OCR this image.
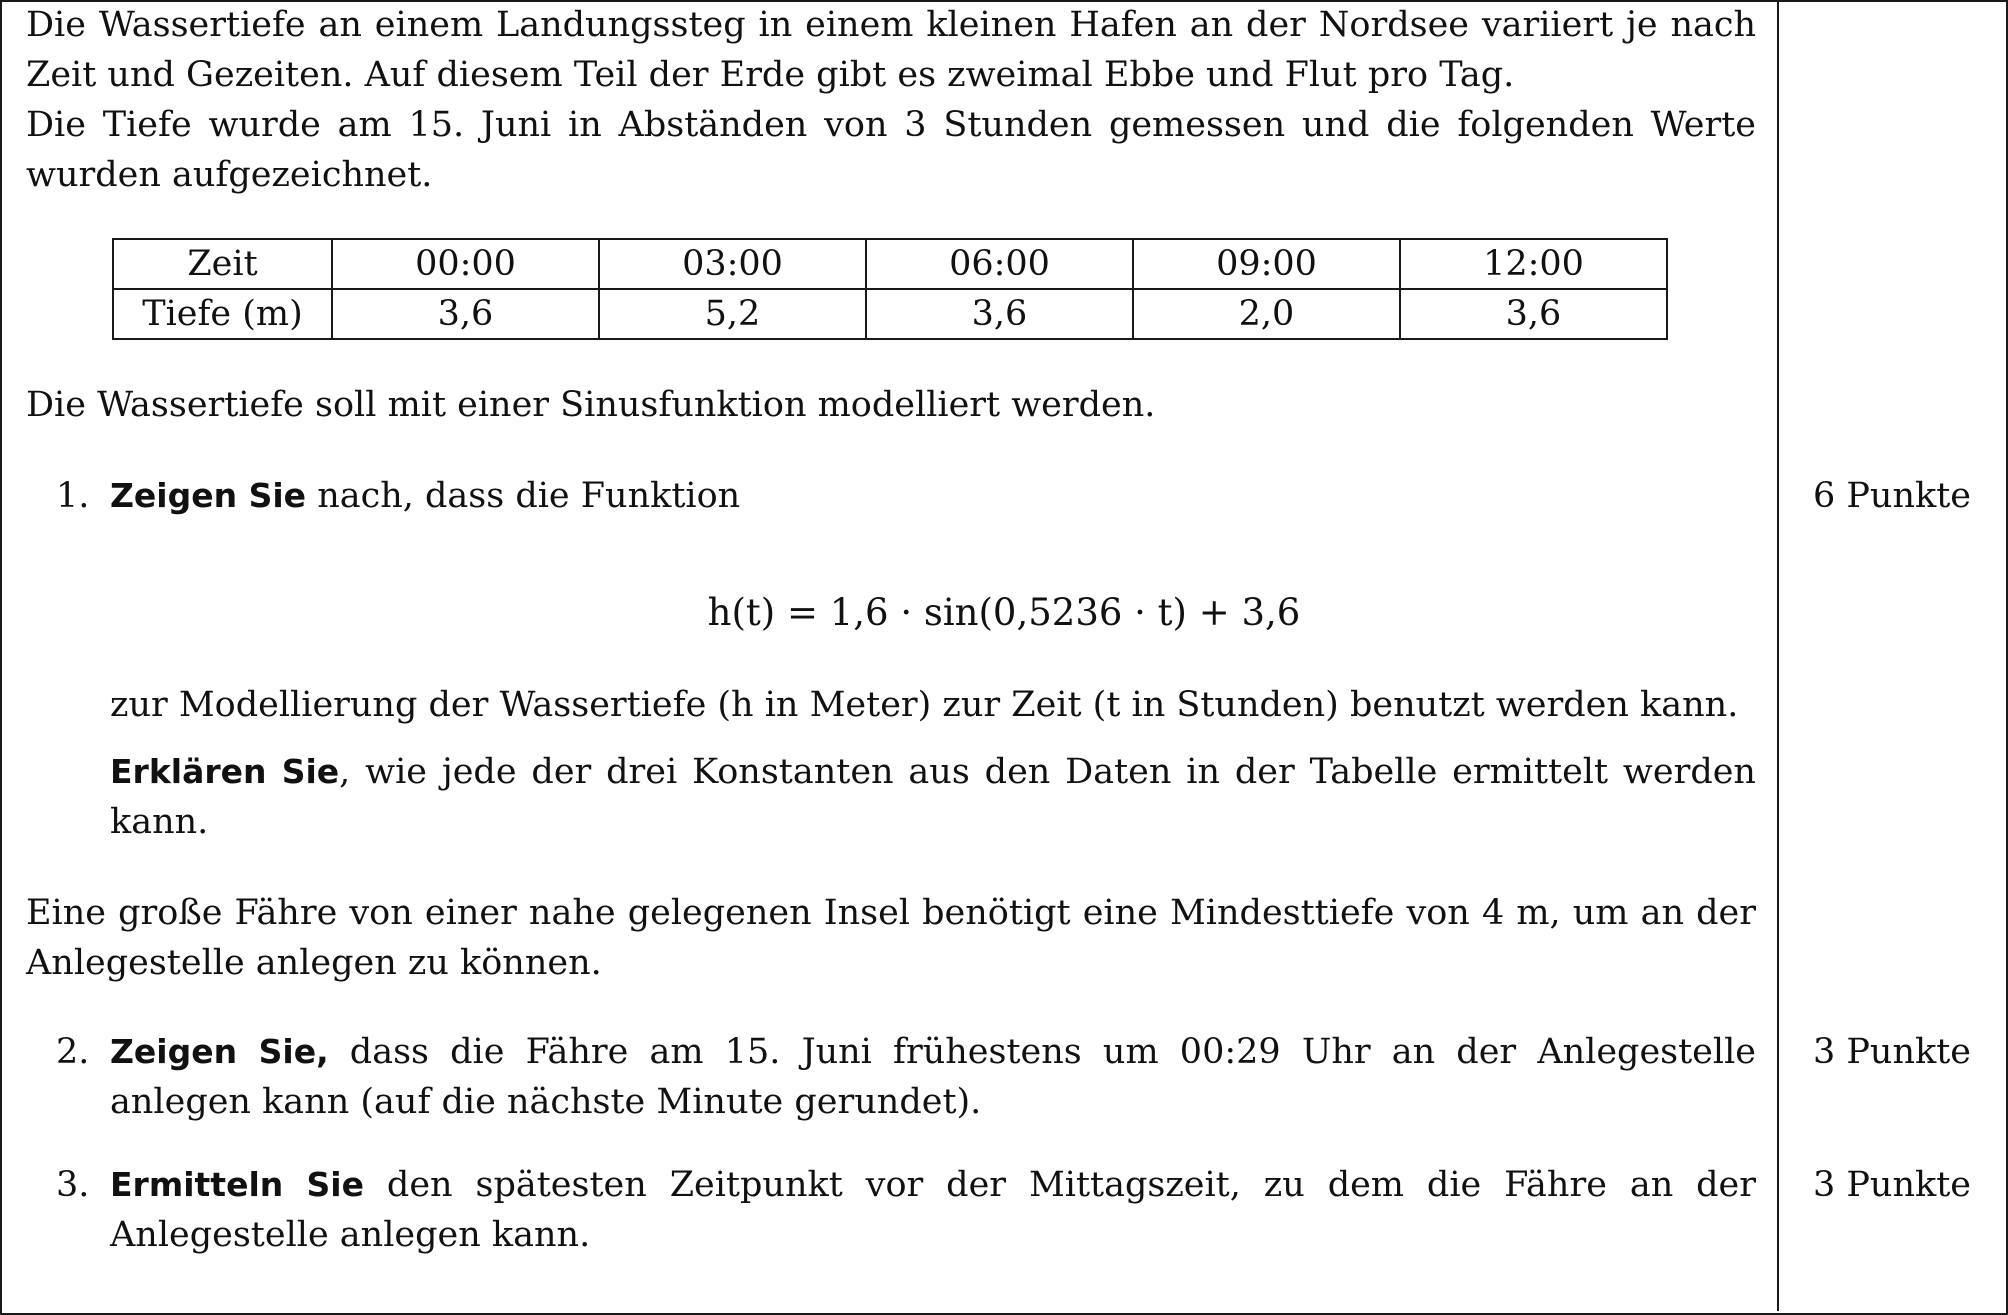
Die Wassertiefe an einem Landungssteg in einem kleinen Hafen an der Nordsee variiert je nach Zeit und Gezeiten. Auf diesem Teil der Erde gibt es zweimal Ebbe und Flut pro Tag.

Die Tiefe wurde am 15. Juni in Abständen von 3 Stunden gemessen und die folgenden Werte wurden aufgezeichnet.

Zeit	00:00	03:00	06:00	09:00	12:00
Tiefe (m)	3,6	5,2	3,6	2,0	3,6

Die Wassertiefe soll mit einer Sinusfunktion modelliert werden.

1. Zeigen Sie nach, dass die Funktion	6 Punkte
h(t) = 1,6 · sin(0,5236 · t) + 3,6

zur Modellierung der Wassertiefe (h in Meter) zur Zeit (t in Stunden) benutzt werden kann.

Erklären Sie, wie jede der drei Konstanten aus den Daten in der Tabelle ermittelt werden kann.

Eine große Fähre von einer nahe gelegenen Insel benötigt eine Mindesttiefe von 4 m, um an der Anlegestelle anlegen zu können.

2. Zeigen Sie, dass die Fähre am 15. Juni frühestens um 00:29 Uhr an der Anlegestelle anlegen kann (auf die nächste Minute gerundet).

3 Punkte
3. Ermitteln Sie den spätesten Zeitpunkt vor der Mittagszeit, zu dem die Fähre an der Anlegestelle anlegen kann.

3 Punkte
